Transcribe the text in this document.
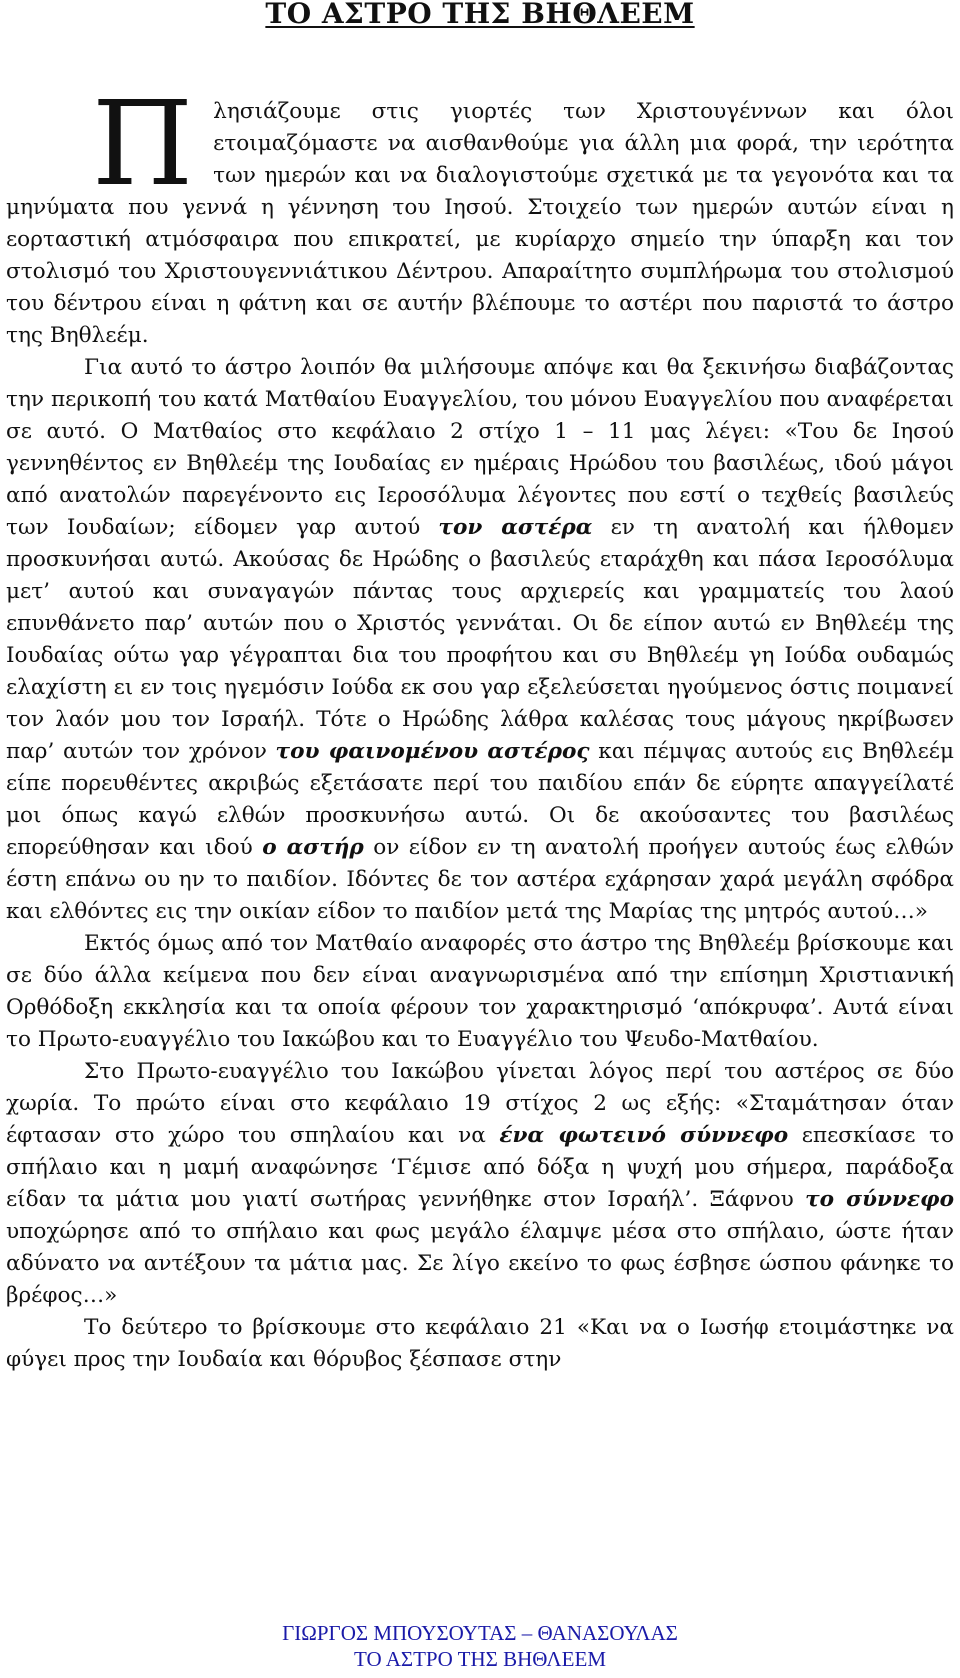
ΤΟ ΑΣΤΡΟ ΤΗΣ ΒΗΘΛΕΕΜ

Πλησιάζουμε στις γιορτές των Χριστουγέννων και όλοι ετοιμαζόμαστε να αισθανθούμε για άλλη μια φορά, την ιερότητα των ημερών και να διαλογιστούμε σχετικά με τα γεγονότα και τα μηνύματα που γεννά η γέννηση του Ιησού. Στοιχείο των ημερών αυτών είναι η εορταστική ατμόσφαιρα που επικρατεί, με κυρίαρχο σημείο την ύπαρξη και τον στολισμό του Χριστουγεννιάτικου Δέντρου. Απαραίτητο συμπλήρωμα του στολισμού του δέντρου είναι η φάτνη και σε αυτήν βλέπουμε το αστέρι που παριστά το άστρο της Βηθλεέμ.

Για αυτό το άστρο λοιπόν θα μιλήσουμε απόψε και θα ξεκινήσω διαβάζοντας την περικοπή του κατά Ματθαίου Ευαγγελίου, του μόνου Ευαγγελίου που αναφέρεται σε αυτό. Ο Ματθαίος στο κεφάλαιο 2 στίχο 1 – 11 μας λέγει: «Του δε Ιησού γεννηθέντος εν Βηθλεέμ της Ιουδαίας εν ημέραις Ηρώδου του βασιλέως, ιδού μάγοι από ανατολών παρεγένοντο εις Ιεροσόλυμα λέγοντες που εστί ο τεχθείς βασιλεύς των Ιουδαίων; είδομεν γαρ αυτού τον αστέρα εν τη ανατολή και ήλθομεν προσκυνήσαι αυτώ. Ακούσας δε Ηρώδης ο βασιλεύς εταράχθη και πάσα Ιεροσόλυμα μετ’ αυτού και συναγαγών πάντας τους αρχιερείς και γραμματείς του λαού επυνθάνετο παρ’ αυτών που ο Χριστός γεννάται. Οι δε είπον αυτώ εν Βηθλεέμ της Ιουδαίας ούτω γαρ γέγραπται δια του προφήτου και συ Βηθλεέμ γη Ιούδα ουδαμώς ελαχίστη ει εν τοις ηγεμόσιν Ιούδα εκ σου γαρ εξελεύσεται ηγούμενος όστις ποιμανεί τον λαόν μου τον Ισραήλ. Τότε ο Ηρώδης λάθρα καλέσας τους μάγους ηκρίβωσεν παρ’ αυτών τον χρόνον του φαινομένου αστέρος και πέμψας αυτούς εις Βηθλεέμ είπε πορευθέντες ακριβώς εξετάσατε περί του παιδίου επάν δε εύρητε απαγγείλατέ μοι όπως καγώ ελθών προσκυνήσω αυτώ. Οι δε ακούσαντες του βασιλέως επορεύθησαν και ιδού ο αστήρ ον είδον εν τη ανατολή προήγεν αυτούς έως ελθών έστη επάνω ου ην το παιδίον. Ιδόντες δε τον αστέρα εχάρησαν χαρά μεγάλη σφόδρα και ελθόντες εις την οικίαν είδον το παιδίον μετά της Μαρίας της μητρός αυτού…»

Εκτός όμως από τον Ματθαίο αναφορές στο άστρο της Βηθλεέμ βρίσκουμε και σε δύο άλλα κείμενα που δεν είναι αναγνωρισμένα από την επίσημη Χριστιανική Ορθόδοξη εκκλησία και τα οποία φέρουν τον χαρακτηρισμό ‘απόκρυφα’. Αυτά είναι το Πρωτο-ευαγγέλιο του Ιακώβου και το Ευαγγέλιο του Ψευδο-Ματθαίου.

Στο Πρωτο-ευαγγέλιο του Ιακώβου γίνεται λόγος περί του αστέρος σε δύο χωρία. Το πρώτο είναι στο κεφάλαιο 19 στίχος 2 ως εξής: «Σταμάτησαν όταν έφτασαν στο χώρο του σπηλαίου και να ένα φωτεινό σύννεφο επεσκίασε το σπήλαιο και η μαμή αναφώνησε ‘Γέμισε από δόξα η ψυχή μου σήμερα, παράδοξα είδαν τα μάτια μου γιατί σωτήρας γεννήθηκε στον Ισραήλ’. Ξάφνου το σύννεφο υποχώρησε από το σπήλαιο και φως μεγάλο έλαμψε μέσα στο σπήλαιο, ώστε ήταν αδύνατο να αντέξουν τα μάτια μας. Σε λίγο εκείνο το φως έσβησε ώσπου φάνηκε το βρέφος…»

Το δεύτερο το βρίσκουμε στο κεφάλαιο 21 «Και να ο Ιωσήφ ετοιμάστηκε να φύγει προς την Ιουδαία και θόρυβος ξέσπασε στην

ΓΙΩΡΓΟΣ ΜΠΟΥΣΟΥΤΑΣ – ΘΑΝΑΣΟΥΛΑΣ
ΤΟ ΑΣΤΡΟ ΤΗΣ ΒΗΘΛΕΕΜ
